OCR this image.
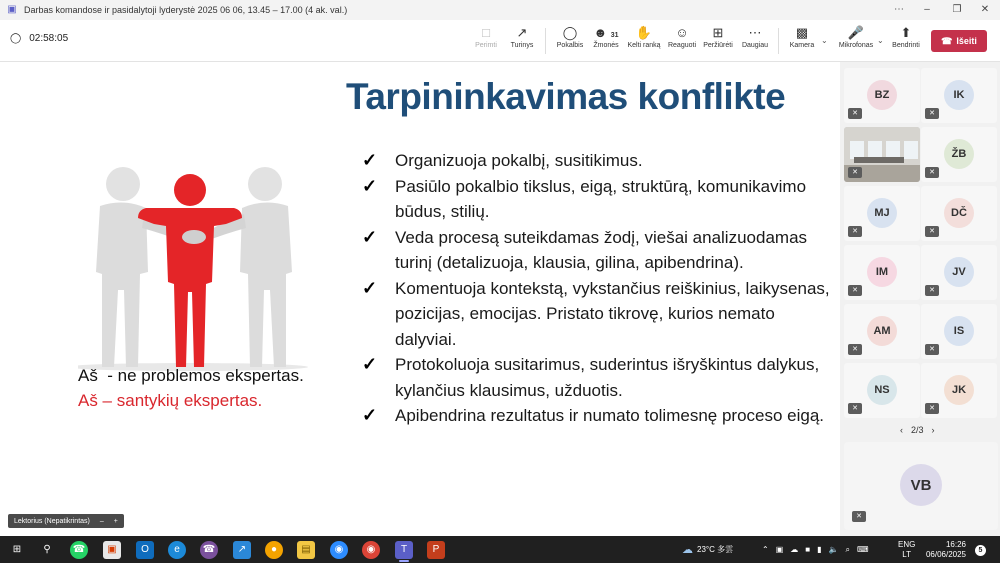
▣ Darbas komandose ir pasidalytoji lyderystė 2025 06 06, 13.45 – 17.00 (4 ak. val.)	⋯	–	❐	✕
◯ 02:58:05	□
Perimti
↗
Turinys
◯
Pokalbis
☻ 31
Žmonės
✋
Kelti ranką
☺
Reaguoti
⊞
Peržiūrėti
⋯
Daugiau
▩
Kamera
⌄
🎤
Mikrofonas
⌄
⬆
Bendrinti	☎ Išeiti
Tarpininkavimas konflikte
Aš  - ne problemos ekspertas.
Aš – santykių ekspertas.
✓ Organizuoja pokalbį, susitikimus.
✓ Pasiūlo pokalbio tikslus, eigą, struktūrą, komunikavimo būdus, stilių.
✓ Veda procesą suteikdamas žodį, viešai analizuodamas turinį (detalizuoja, klausia, gilina, apibendrina).
✓ Komentuoja kontekstą, vykstančius reiškinius, laikysenas, pozicijas, emocijas. Pristato tikrovę, kurios nemato dalyviai.
✓ Protokoluoja susitarimus, suderintus išryškintus dalykus, kylančius klausimus, užduotis.
✓ Apibendrina rezultatus ir numato tolimesnę proceso eigą.
Lektorius (Nepatikrintas) – +
BZ
✕
IK
✕
✕
ŽB
✕
MJ
✕
DČ
✕
IM
✕
JV
✕
AM
✕
IS
✕
NS
✕
JK
✕
‹ 2/3 ›
VB
✕
⊞	⚲	☎	▣	O	e	☎	↗	●	▤	◉	◉	T	P	☁ 23°C
多雲	⌃ ▣ ☁ ■ ▮ 🔈 ⌕ ⌨
ENG
LT
16:26
06/06/2025	5
